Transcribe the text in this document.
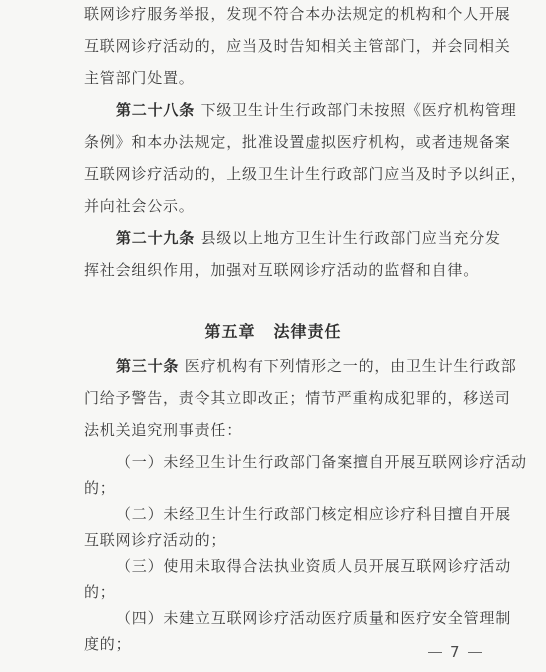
联网诊疗服务举报，发现不符合本办法规定的机构和个人开展
互联网诊疗活动的，应当及时告知相关主管部门，并会同相关
主管部门处置。
第二十八条 下级卫生计生行政部门未按照《医疗机构管理
条例》和本办法规定，批准设置虚拟医疗机构，或者违规备案
互联网诊疗活动的，上级卫生计生行政部门应当及时予以纠正，
并向社会公示。
第二十九条 县级以上地方卫生计生行政部门应当充分发
挥社会组织作用，加强对互联网诊疗活动的监督和自律。
第五章 法律责任
第三十条 医疗机构有下列情形之一的，由卫生计生行政部
门给予警告，责令其立即改正；情节严重构成犯罪的，移送司
法机关追究刑事责任：
（一）未经卫生计生行政部门备案擅自开展互联网诊疗活动
的；
（二）未经卫生计生行政部门核定相应诊疗科目擅自开展
互联网诊疗活动的；
（三）使用未取得合法执业资质人员开展互联网诊疗活动
的；
7
（四）未建立互联网诊疗活动医疗质量和医疗安全管理制
度的；
